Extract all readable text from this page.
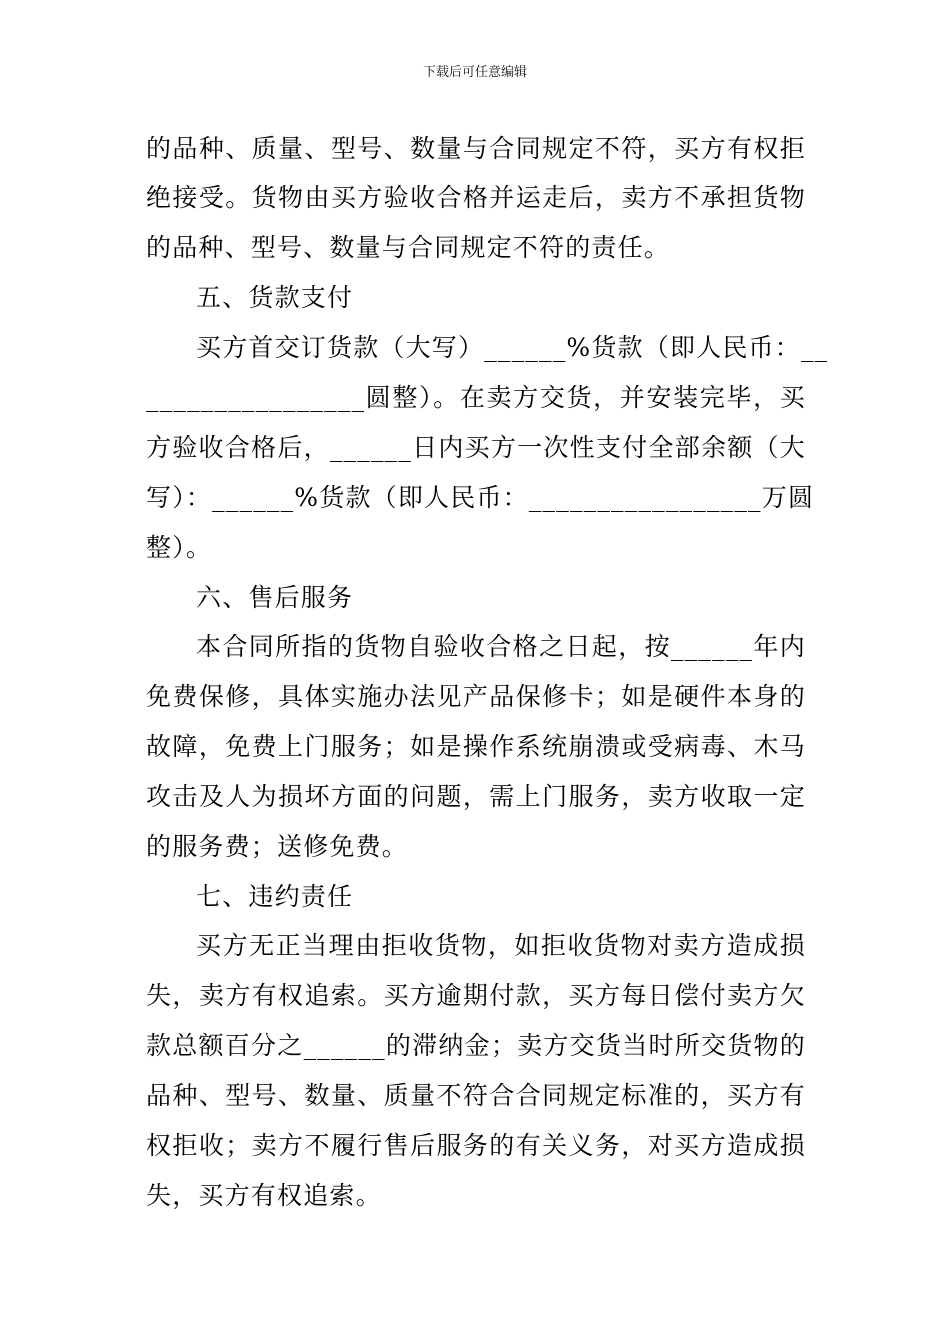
下载后可任意编辑
的品种、质量、型号、数量与合同规定不符，买方有权拒
绝接受。货物由买方验收合格并运走后，卖方不承担货物
的品种、型号、数量与合同规定不符的责任。
五、货款支付
买方首交订货款（大写）______%货款（即人民币：__
________________圆整）。在卖方交货，并安装完毕，买
方验收合格后，______日内买方一次性支付全部余额（大
写）：______%货款（即人民币：_________________万圆
整）。
六、售后服务
本合同所指的货物自验收合格之日起，按______年内
免费保修，具体实施办法见产品保修卡；如是硬件本身的
故障，免费上门服务；如是操作系统崩溃或受病毒、木马
攻击及人为损坏方面的问题，需上门服务，卖方收取一定
的服务费；送修免费。
七、违约责任
买方无正当理由拒收货物，如拒收货物对卖方造成损
失，卖方有权追索。买方逾期付款，买方每日偿付卖方欠
款总额百分之______的滞纳金；卖方交货当时所交货物的
品种、型号、数量、质量不符合合同规定标准的，买方有
权拒收；卖方不履行售后服务的有关义务，对买方造成损
失，买方有权追索。
